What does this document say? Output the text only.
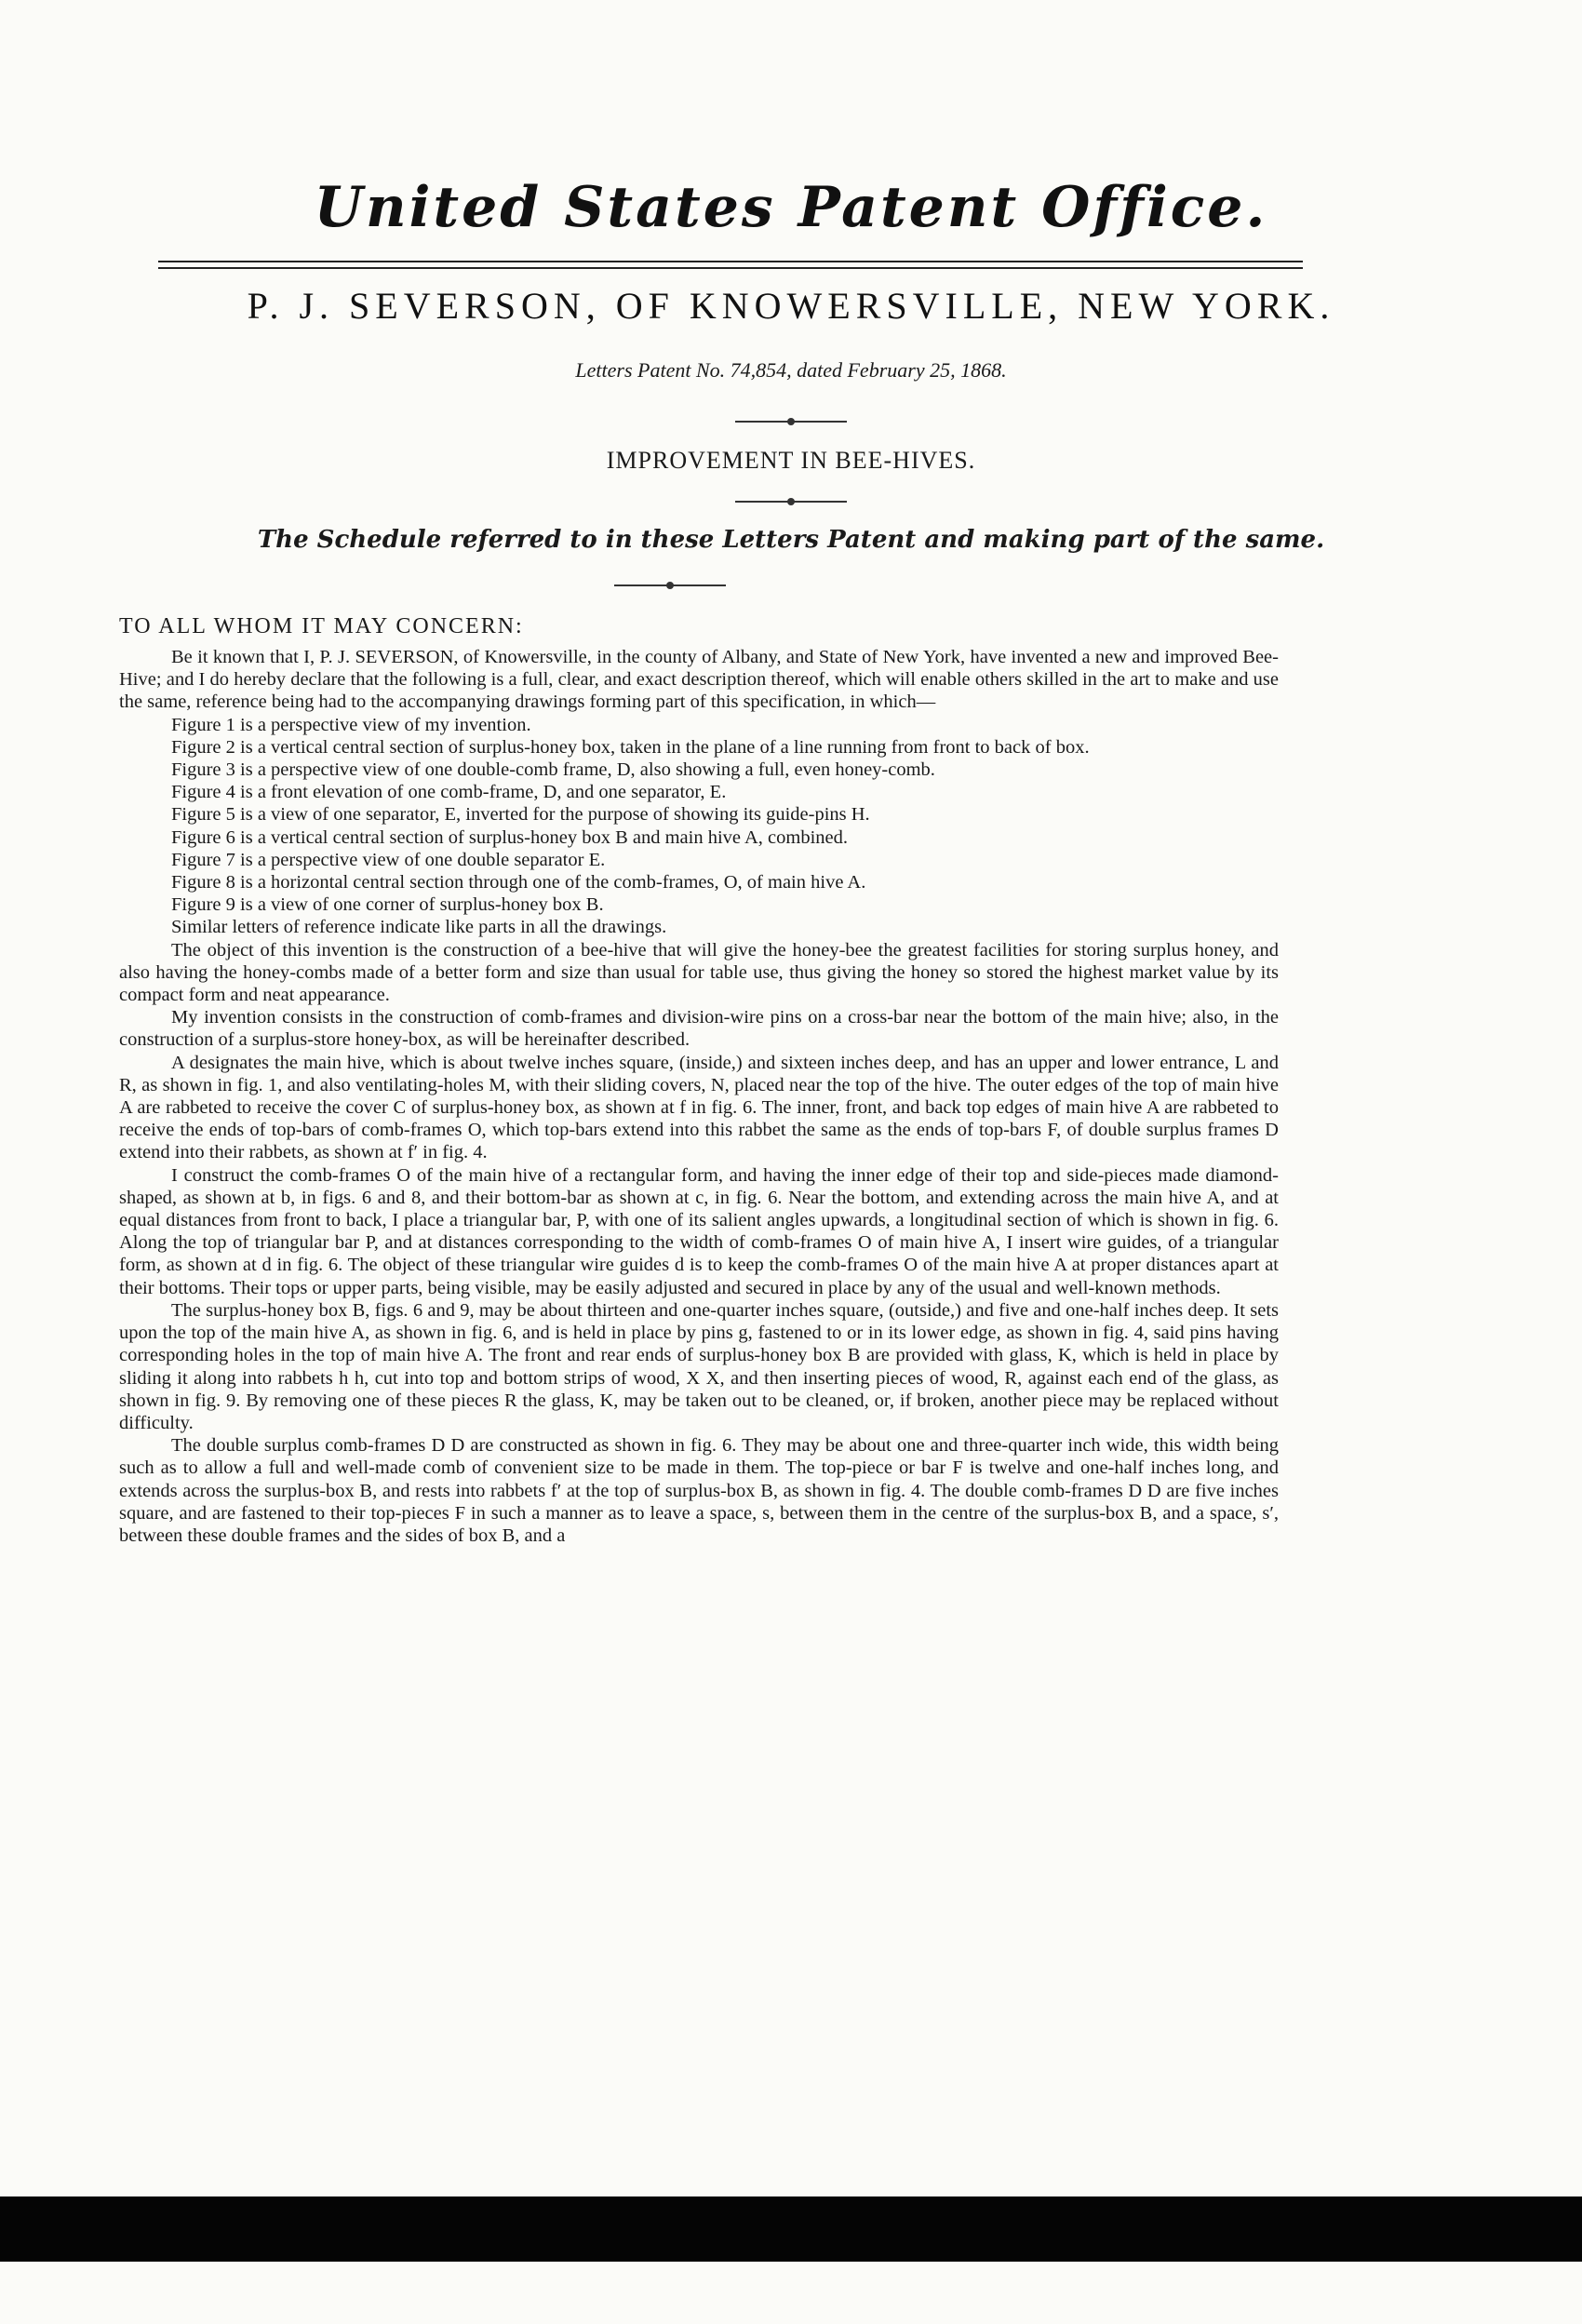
United States Patent Office.
P. J. SEVERSON, OF KNOWERSVILLE, NEW YORK.
Letters Patent No. 74,854, dated February 25, 1868.
IMPROVEMENT IN BEE-HIVES.
The Schedule referred to in these Letters Patent and making part of the same.
TO ALL WHOM IT MAY CONCERN:

Be it known that I, P. J. SEVERSON, of Knowersville, in the county of Albany, and State of New York, have invented a new and improved Bee-Hive; and I do hereby declare that the following is a full, clear, and exact description thereof, which will enable others skilled in the art to make and use the same, reference being had to the accompanying drawings forming part of this specification, in which—

Figure 1 is a perspective view of my invention.

Figure 2 is a vertical central section of surplus-honey box, taken in the plane of a line running from front to back of box.

Figure 3 is a perspective view of one double-comb frame, D, also showing a full, even honey-comb.

Figure 4 is a front elevation of one comb-frame, D, and one separator, E.

Figure 5 is a view of one separator, E, inverted for the purpose of showing its guide-pins H.

Figure 6 is a vertical central section of surplus-honey box B and main hive A, combined.

Figure 7 is a perspective view of one double separator E.

Figure 8 is a horizontal central section through one of the comb-frames, O, of main hive A.

Figure 9 is a view of one corner of surplus-honey box B.

Similar letters of reference indicate like parts in all the drawings.

The object of this invention is the construction of a bee-hive that will give the honey-bee the greatest facilities for storing surplus honey, and also having the honey-combs made of a better form and size than usual for table use, thus giving the honey so stored the highest market value by its compact form and neat appearance.

My invention consists in the construction of comb-frames and division-wire pins on a cross-bar near the bottom of the main hive; also, in the construction of a surplus-store honey-box, as will be hereinafter described.

A designates the main hive, which is about twelve inches square, (inside,) and sixteen inches deep, and has an upper and lower entrance, L and R, as shown in fig. 1, and also ventilating-holes M, with their sliding covers, N, placed near the top of the hive. The outer edges of the top of main hive A are rabbeted to receive the cover C of surplus-honey box, as shown at f in fig. 6. The inner, front, and back top edges of main hive A are rabbeted to receive the ends of top-bars of comb-frames O, which top-bars extend into this rabbet the same as the ends of top-bars F, of double surplus frames D extend into their rabbets, as shown at f′ in fig. 4.

I construct the comb-frames O of the main hive of a rectangular form, and having the inner edge of their top and side-pieces made diamond-shaped, as shown at b, in figs. 6 and 8, and their bottom-bar as shown at c, in fig. 6. Near the bottom, and extending across the main hive A, and at equal distances from front to back, I place a triangular bar, P, with one of its salient angles upwards, a longitudinal section of which is shown in fig. 6. Along the top of triangular bar P, and at distances corresponding to the width of comb-frames O of main hive A, I insert wire guides, of a triangular form, as shown at d in fig. 6. The object of these triangular wire guides d is to keep the comb-frames O of the main hive A at proper distances apart at their bottoms. Their tops or upper parts, being visible, may be easily adjusted and secured in place by any of the usual and well-known methods.

The surplus-honey box B, figs. 6 and 9, may be about thirteen and one-quarter inches square, (outside,) and five and one-half inches deep. It sets upon the top of the main hive A, as shown in fig. 6, and is held in place by pins g, fastened to or in its lower edge, as shown in fig. 4, said pins having corresponding holes in the top of main hive A. The front and rear ends of surplus-honey box B are provided with glass, K, which is held in place by sliding it along into rabbets h h, cut into top and bottom strips of wood, X X, and then inserting pieces of wood, R, against each end of the glass, as shown in fig. 9. By removing one of these pieces R the glass, K, may be taken out to be cleaned, or, if broken, another piece may be replaced without difficulty.

The double surplus comb-frames D D are constructed as shown in fig. 6. They may be about one and three-quarter inch wide, this width being such as to allow a full and well-made comb of convenient size to be made in them. The top-piece or bar F is twelve and one-half inches long, and extends across the surplus-box B, and rests into rabbets f′ at the top of surplus-box B, as shown in fig. 4. The double comb-frames D D are five inches square, and are fastened to their top-pieces F in such a manner as to leave a space, s, between them in the centre of the surplus-box B, and a space, s′, between these double frames and the sides of box B, and a
